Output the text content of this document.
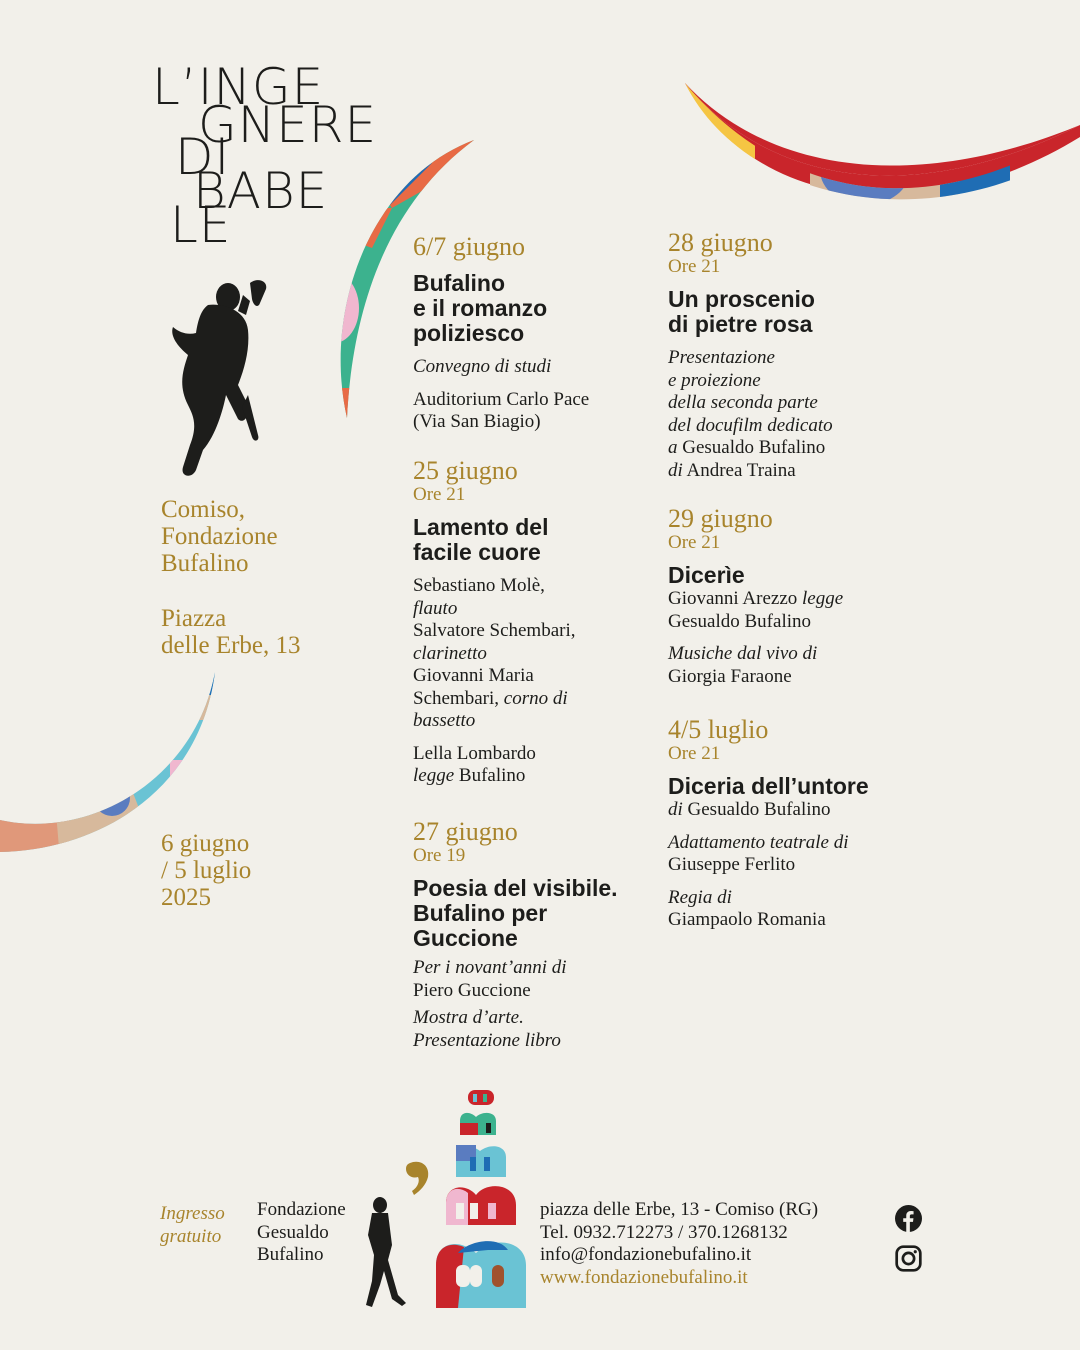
L’INGE
GNERE
DI
BABE
LE
Comiso,
Fondazione
Bufalino
Piazza
delle Erbe, 13
6 giugno
/ 5 luglio
2025
6/7 giugno
Bufalino
e il romanzo
poliziesco
Convegno di studi
Auditorium Carlo Pace
(Via San Biagio)
25 giugno
Ore 21
Lamento del
facile cuore
Sebastiano Molè,
flauto
Salvatore Schembari,
clarinetto
Giovanni Maria
Schembari, corno di
bassetto
Lella Lombardo
legge Bufalino
27 giugno
Ore 19
Poesia del visibile.
Bufalino per
Guccione
Per i novant’anni di
Piero Guccione
Mostra d’arte.
Presentazione libro
28 giugno
Ore 21
Un proscenio
di pietre rosa
Presentazione
e proiezione
della seconda parte
del docufilm dedicato
a Gesualdo Bufalino
di Andrea Traina
29 giugno
Ore 21
Dicerìe
Giovanni Arezzo legge
Gesualdo Bufalino
Musiche dal vivo di
Giorgia Faraone
4/5 luglio
Ore 21
Diceria dell’untore
di Gesualdo Bufalino
Adattamento teatrale di
Giuseppe Ferlito
Regia di
Giampaolo Romania
Ingresso
gratuito
Fondazione
Gesualdo
Bufalino
piazza delle Erbe, 13 - Comiso (RG)
Tel. 0932.712273 / 370.1268132
info@fondazionebufalino.it
www.fondazionebufalino.it
